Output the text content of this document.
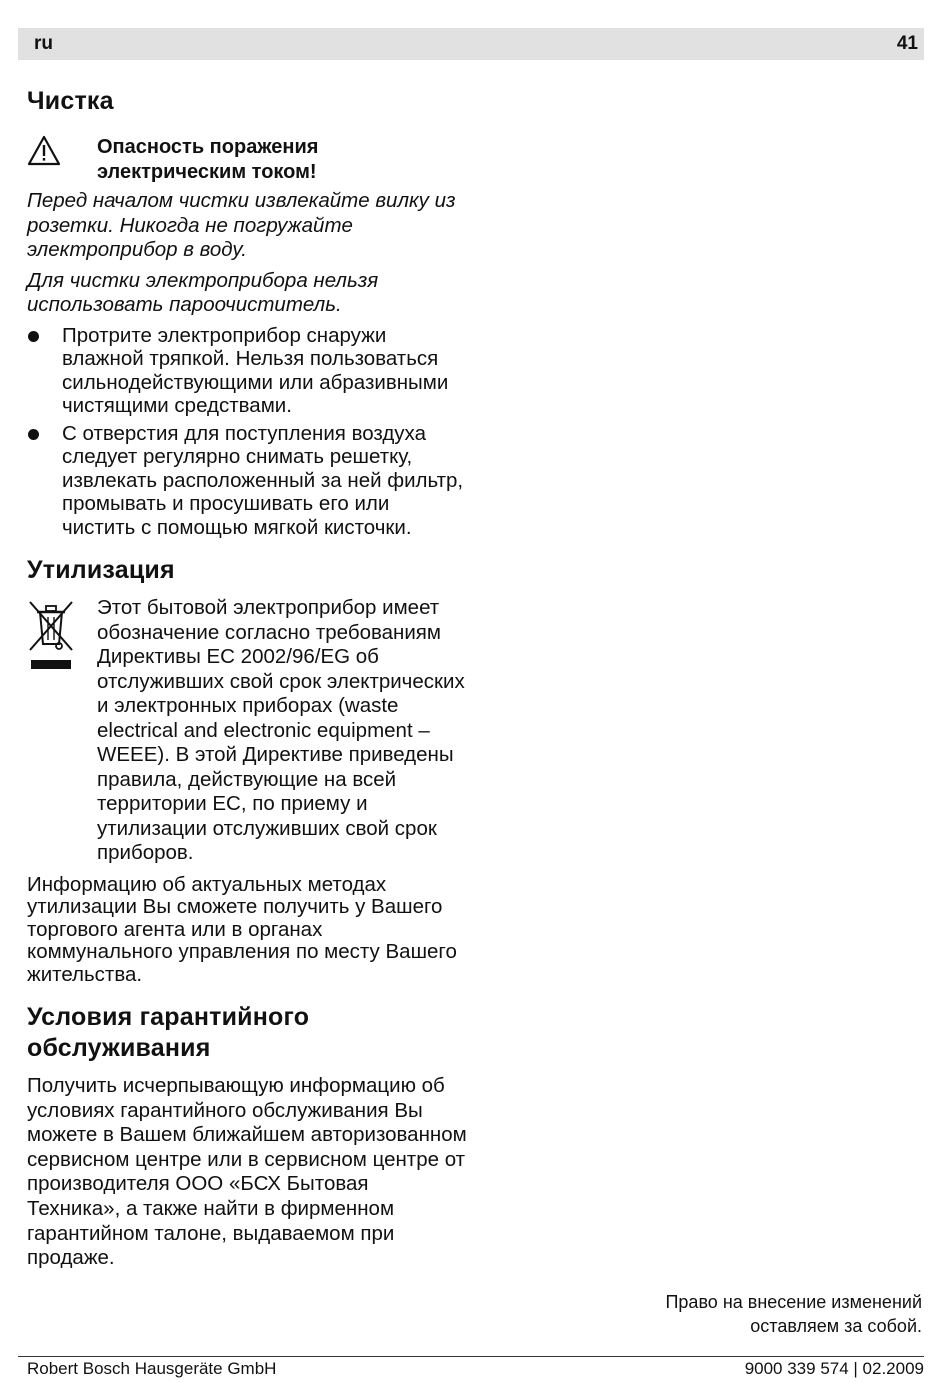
ru	41
Чистка
Опасность поражения электрическим током!

Перед началом чистки извлекайте вилку из розетки. Никогда не погружайте электроприбор в воду.

Для чистки электроприбора нельзя использовать пароочиститель.

Протрите электроприбор снаружи влажной тряпкой. Нельзя пользоваться сильнодействующими или абразивными чистящими средствами.
С отверстия для поступления воздуха следует регулярно снимать решетку, извлекать расположенный за ней фильтр, промывать и просушивать его или чистить с помощью мягкой кисточки.
Утилизация
Этот бытовой электроприбор имеет обозначение согласно требованиям Директивы ЕС 2002/96/EG об отслуживших свой срок электрических и электронных приборах (waste electrical and electronic equipment – WEEE). В этой Директиве приведены правила, действующие на всей территории ЕС, по приему и утилизации отслуживших свой срок приборов.

Информацию об актуальных методах утилизации Вы сможете получить у Вашего торгового агента или в органах коммунального управления по месту Вашего жительства.

Условия гарантийного обслуживания

Получить исчерпывающую информацию об условиях гарантийного обслуживания Вы можете в Вашем ближайшем авторизованном сервисном центре или в сервисном центре от производителя ООО «БСХ Бытовая Техника», а также найти в фирменном гарантийном талоне, выдаваемом при продаже.

Право на внесение изменений
оставляем за собой.
Robert Bosch Hausgeräte GmbH	9000 339 574 | 02.2009
